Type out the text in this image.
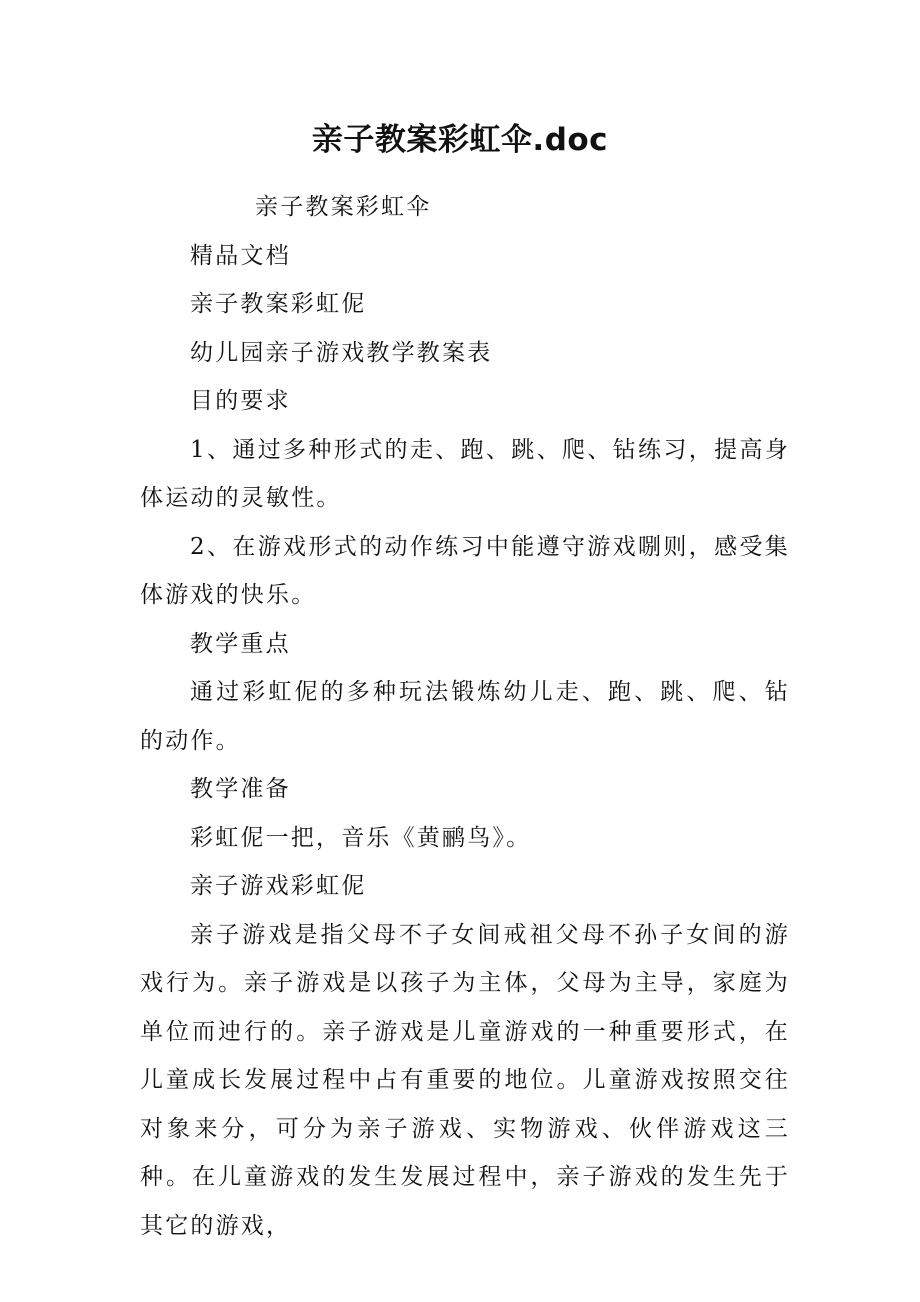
亲子教案彩虹伞.doc

亲子教案彩虹伞

精品文档

亲子教案彩虹伲

幼儿园亲子游戏教学教案表

目的要求

1、通过多种形式的走、跑、跳、爬、钻练习，提高身体运动的灵敏性。

2、在游戏形式的动作练习中能遵守游戏哵则，感受集体游戏的快乐。

教学重点

通过彩虹伲的多种玩法锻炼幼儿走、跑、跳、爬、钻的动作。

教学准备

彩虹伲一把，音乐《黄鹂鸟》。

亲子游戏彩虹伲

亲子游戏是指父母不子女间戒祖父母不孙子女间的游戏行为。亲子游戏是以孩子为主体，父母为主导，家庭为单位而迚行的。亲子游戏是儿童游戏的一种重要形式，在儿童成长发展过程中占有重要的地位。儿童游戏按照交往对象来分，可分为亲子游戏、实物游戏、伙伴游戏这三种。在儿童游戏的发生发展过程中，亲子游戏的发生先于其它的游戏，
